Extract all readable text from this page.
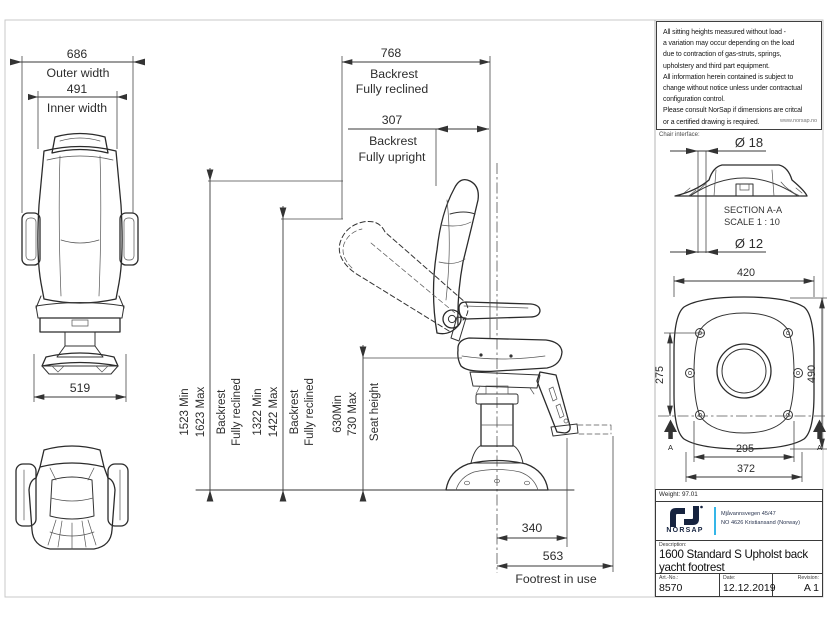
686
Outer width
491
Inner width
519
768
Backrest
Fully reclined
307
Backrest
Fully upright
1523 Min 1623 Max Backrest Fully reclined 1322 Min 1422 Max Backrest Fully reclined 630Min 730 Max Seat height
340
563
Footrest in use
Ø 18
SECTION A-A
SCALE 1 : 10
Ø 12
420
490
275
A	A
295
372
All sitting heights measured without load -
a variation may occur depending on the load
due to contraction of gas-struts, springs,
upholstery and third part equipment.
All information herein contained is subject to
change without notice unless under contractual
configuration control.
Please consult NorSap if dimensions are critcal
or a certified drawing is required.	www.norsap.no
Chair interface:
Weight: 97.01
NORSAP
Mjåvannsvegen 45/47
NO 4626 Kristiansand (Norway)
Description:
1600 Standard S Upholst back
yacht footrest
Art.-No.:
8570
Date:
12.12.2019
Revision:
A 1
